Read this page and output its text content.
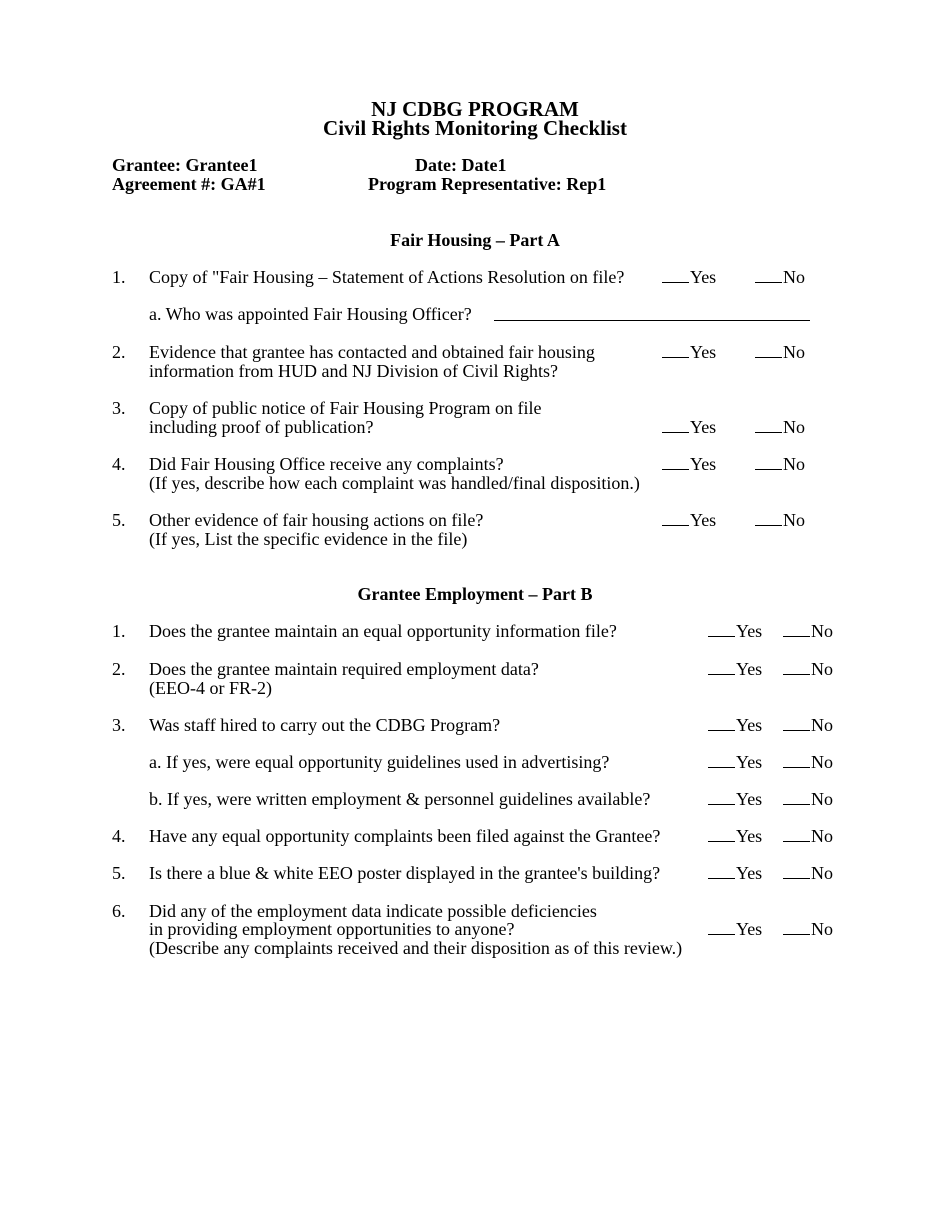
NJ CDBG PROGRAM
Civil Rights Monitoring Checklist
Grantee: Grantee1
Agreement #: GA#1
Date: Date1
Program Representative: Rep1
Fair Housing – Part A
1. Copy of "Fair Housing – Statement of Actions Resolution on file?	Yes	No
a. Who was appointed Fair Housing Officer?
2. Evidence that grantee has contacted and obtained fair housing
information from HUD and NJ Division of Civil Rights?
Yes	No
3. Copy of public notice of Fair Housing Program on file
including proof of publication?	Yes	No
4. Did Fair Housing Office receive any complaints?
(If yes, describe how each complaint was handled/final disposition.)
Yes	No
5. Other evidence of fair housing actions on file?
(If yes, List the specific evidence in the file)
Yes	No
Grantee Employment – Part B
1. Does the grantee maintain an equal opportunity information file?	Yes	No
2. Does the grantee maintain required employment data?
(EEO-4 or FR-2)
Yes	No
3. Was staff hired to carry out the CDBG Program?	Yes	No
a. If yes, were equal opportunity guidelines used in advertising?	Yes	No
b. If yes, were written employment & personnel guidelines available?	Yes	No
4. Have any equal opportunity complaints been filed against the Grantee?	Yes	No
5. Is there a blue & white EEO poster displayed in the grantee's building?	Yes	No
6. Did any of the employment data indicate possible deficiencies
in providing employment opportunities to anyone?
(Describe any complaints received and their disposition as of this review.)
Yes	No
